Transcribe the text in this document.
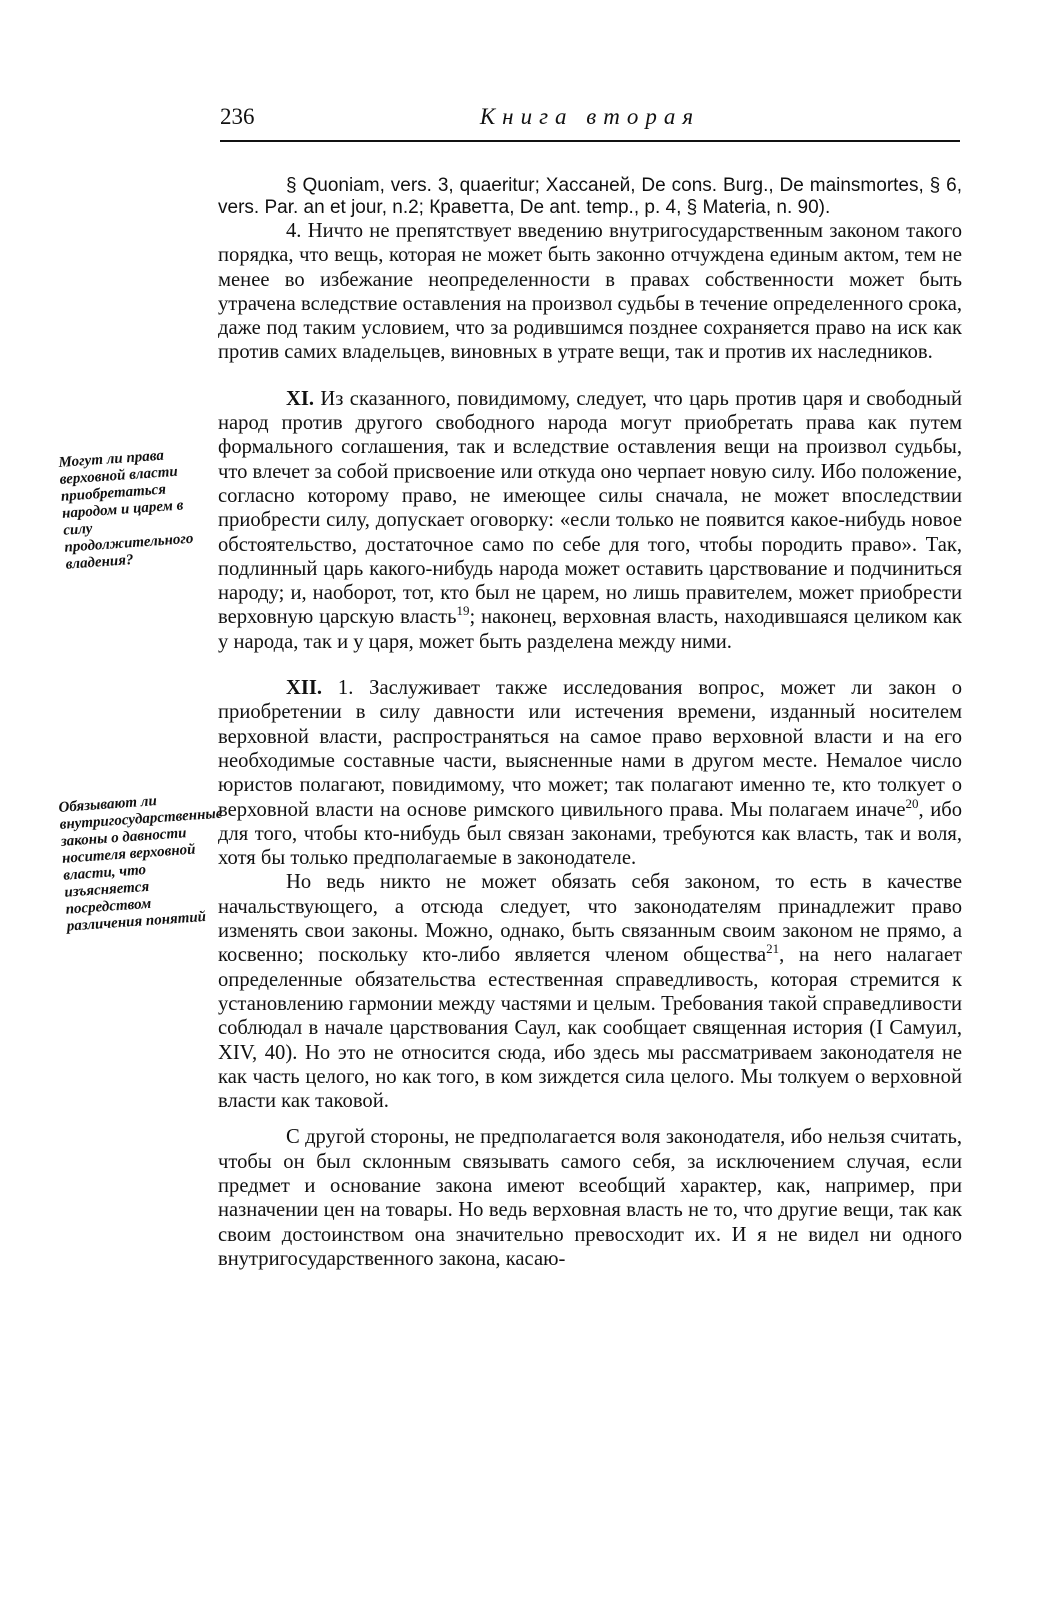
236	Книга вторая
Могут ли права верховной власти приобретаться народом и царем в силу продолжительного владения?
Обязывают ли внутригосударственные законы о давности носителя верховной власти, что изъясняется посредством различения понятий

§ Quoniam, vers. 3, quaeritur; Хассаней, De cons. Burg., De mainsmortes, § 6, vers. Par. an et jour, n.2; Краветтa, De ant. temp., p. 4, § Materia, n. 90).

4. Ничто не препятствует введению внутригосударственным законом такого порядка, что вещь, которая не может быть законно отчуждена единым актом, тем не менее во избежание неопределенности в правах собственности может быть утрачена вследствие оставления на произвол судьбы в течение определенного срока, даже под таким условием, что за родившимся позднее сохраняется право на иск как против самих владельцев, виновных в утрате вещи, так и против их наследников.

XI. Из сказанного, повидимому, следует, что царь против царя и свободный народ против другого свободного народа могут приобретать права как путем формального соглашения, так и вследствие оставления вещи на произвол судьбы, что влечет за собой присвоение или откуда оно черпает новую силу. Ибо положение, согласно которому право, не имеющее силы сначала, не может впоследствии приобрести силу, допускает оговорку: «если только не появится какое-нибудь новое обстоятельство, достаточное само по себе для того, чтобы породить право». Так, подлинный царь какого-нибудь народа может оставить царствование и подчиниться народу; и, наоборот, тот, кто был не царем, но лишь правителем, может приобрести верховную царскую власть$^{19}$; наконец, верховная власть, находившаяся целиком как у народа, так и у царя, может быть разделена между ними.

XII. 1. Заслуживает также исследования вопрос, может ли закон о приобретении в силу давности или истечения времени, изданный носителем верховной власти, распространяться на самое право верховной власти и на его необходимые составные части, выясненные нами в другом месте. Немалое число юристов полагают, повидимому, что может; так полагают именно те, кто толкует о верховной власти на основе римского цивильного права. Мы полагаем иначе$^{20}$, ибо для того, чтобы кто-нибудь был связан законами, требуются как власть, так и воля, хотя бы только предполагаемые в законодателе.

Но ведь никто не может обязать себя законом, то есть в качестве начальствующего, а отсюда следует, что законодателям принадлежит право изменять свои законы. Можно, однако, быть связанным своим законом не прямо, а косвенно; поскольку кто-либо является членом общества$^{21}$, на него налагает определенные обязательства естественная справедливость, которая стремится к установлению гармонии между частями и целым. Требования такой справедливости соблюдал в начале царствования Саул, как сообщает священная история (I Самуил, XIV, 40). Но это не относится сюда, ибо здесь мы рассматриваем законодателя не как часть целого, но как того, в ком зиждется сила целого. Мы толкуем о верховной власти как таковой.

С другой стороны, не предполагается воля законодателя, ибо нельзя считать, чтобы он был склонным связывать самого себя, за исключением случая, если предмет и основание закона имеют всеобщий характер, как, например, при назначении цен на товары. Но ведь верховная власть не то, что другие вещи, так как своим достоинством она значительно превосходит их. И я не видел ни одного внутригосударственного закона, касаю-
